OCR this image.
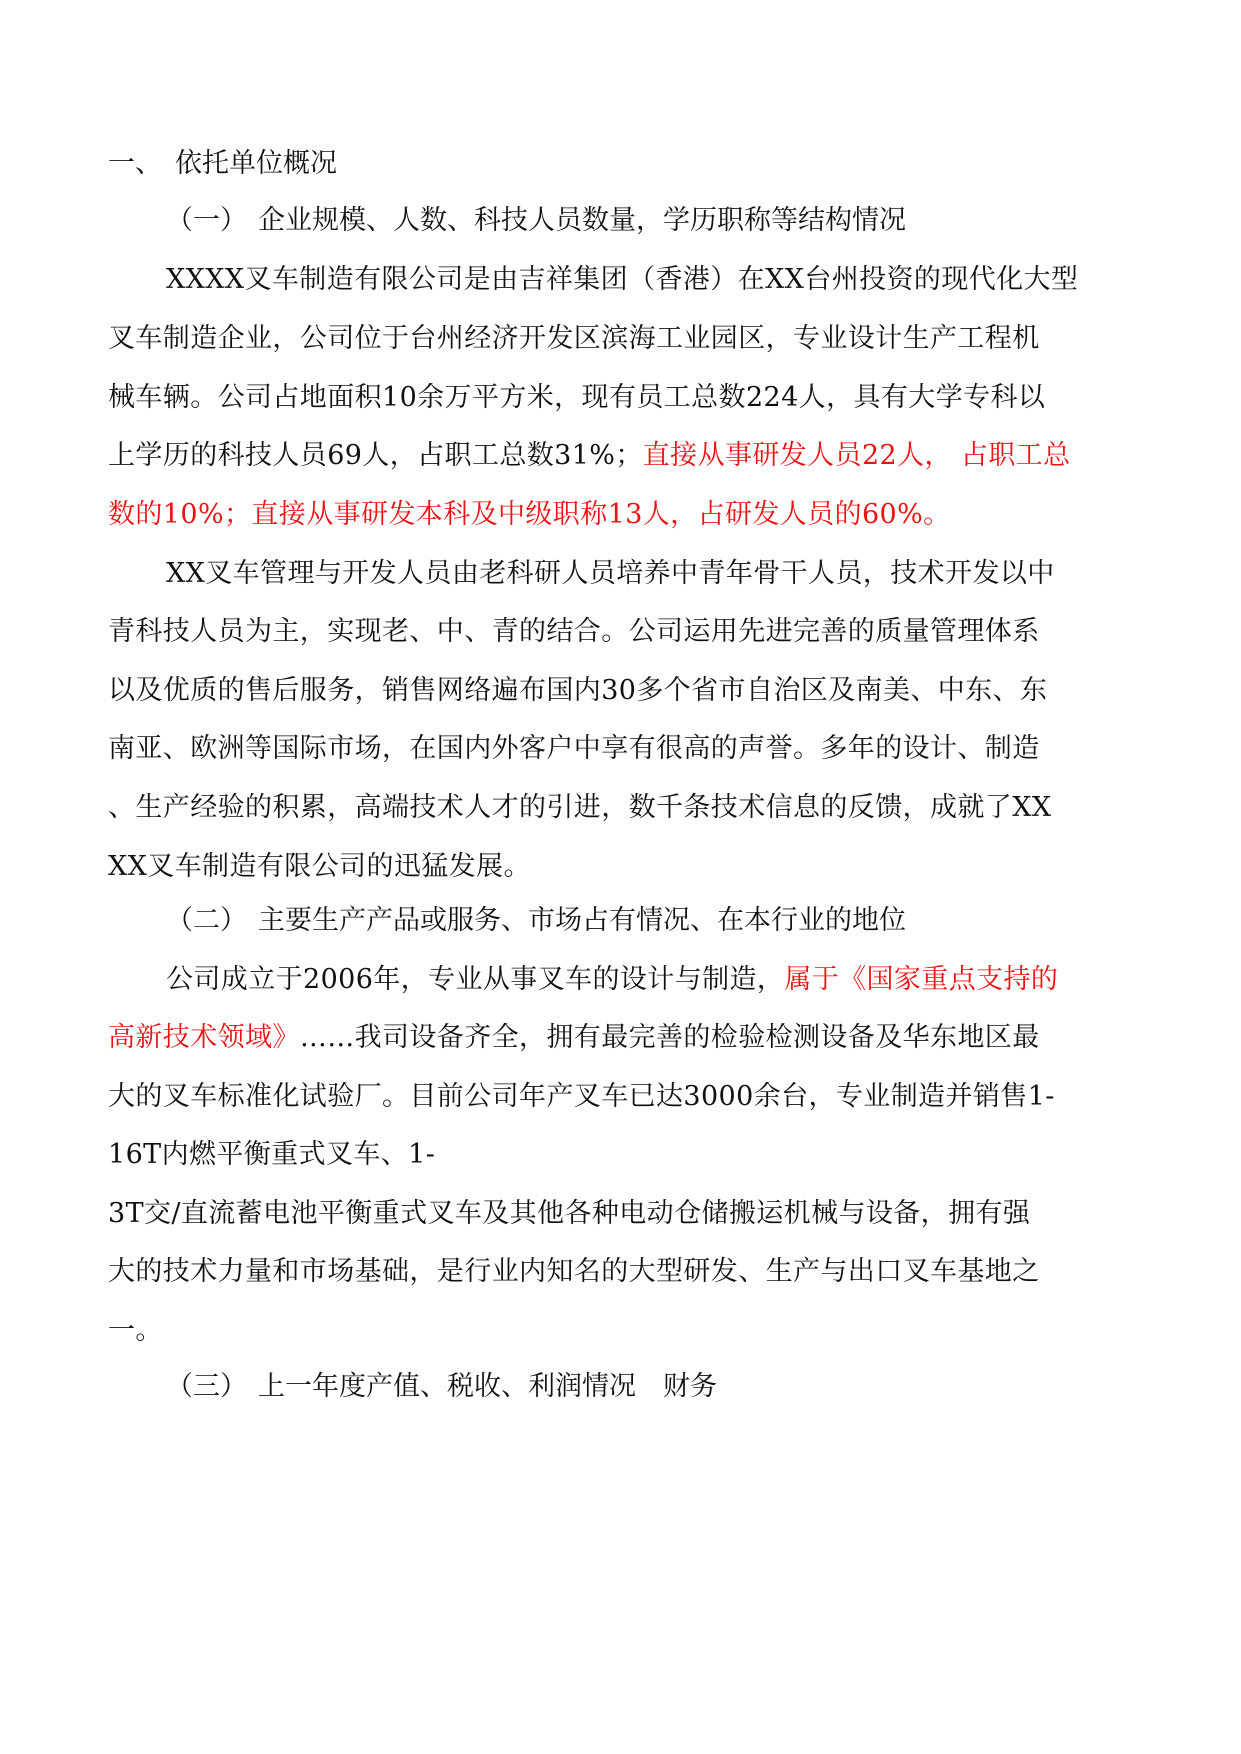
一、 依托单位概况
（一） 企业规模、人数、科技人员数量，学历职称等结构情况
XXXX叉车制造有限公司是由吉祥集团（香港）在XX台州投资的现代化大型
叉车制造企业，公司位于台州经济开发区滨海工业园区，专业设计生产工程机
械车辆。公司占地面积10余万平方米，现有员工总数224人，具有大学专科以
上学历的科技人员69人，占职工总数31%；直接从事研发人员22人， 占职工总
数的10%；直接从事研发本科及中级职称13人，占研发人员的60%。
XX叉车管理与开发人员由老科研人员培养中青年骨干人员，技术开发以中
青科技人员为主，实现老、中、青的结合。公司运用先进完善的质量管理体系
以及优质的售后服务，销售网络遍布国内30多个省市自治区及南美、中东、东
南亚、欧洲等国际市场，在国内外客户中享有很高的声誉。多年的设计、制造
、生产经验的积累，高端技术人才的引进，数千条技术信息的反馈，成就了XX
XX叉车制造有限公司的迅猛发展。
（二） 主要生产产品或服务、市场占有情况、在本行业的地位
公司成立于2006年，专业从事叉车的设计与制造，属于《国家重点支持的
高新技术领域》……我司设备齐全，拥有最完善的检验检测设备及华东地区最
大的叉车标准化试验厂。目前公司年产叉车已达3000余台，专业制造并销售1-
16T内燃平衡重式叉车、1-
3T交/直流蓄电池平衡重式叉车及其他各种电动仓储搬运机械与设备，拥有强
大的技术力量和市场基础，是行业内知名的大型研发、生产与出口叉车基地之
一。
（三） 上一年度产值、税收、利润情况　财务
